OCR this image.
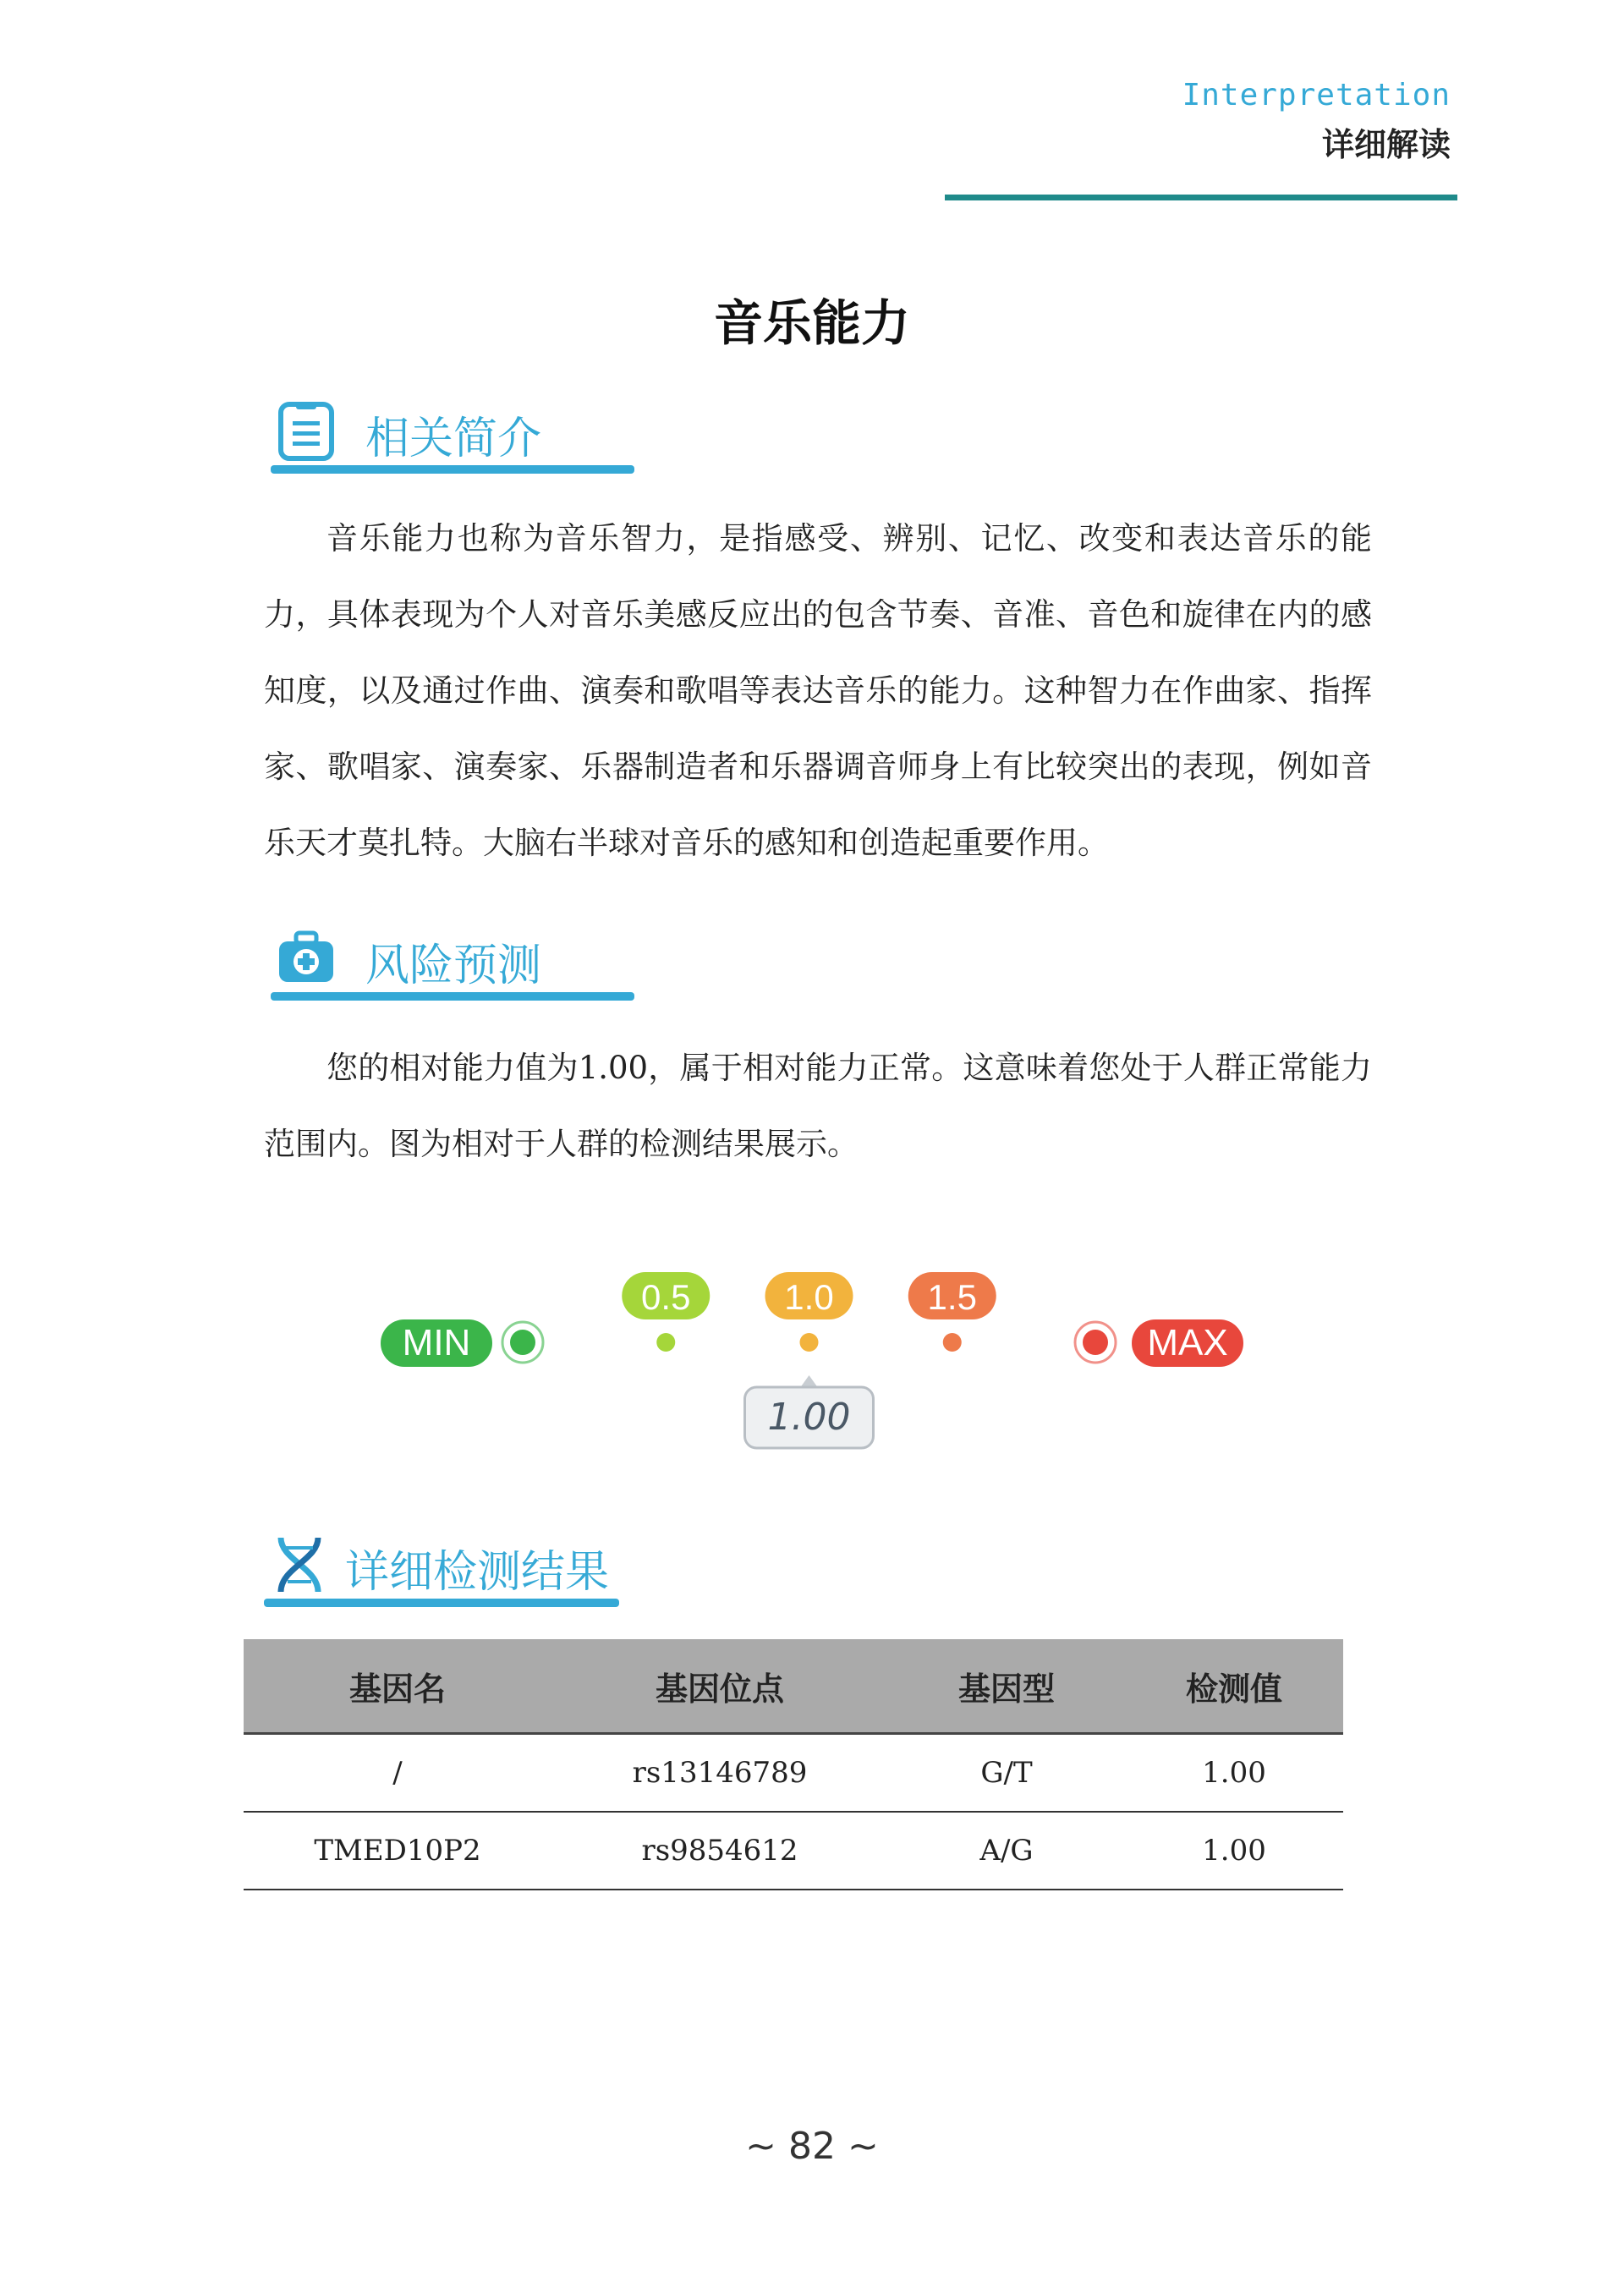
Interpretation
详细解读
音乐能力
相关简介

音乐能力也称为音乐智力，是指感受、辨别、记忆、改变和表达音乐的能力，具体表现为个人对音乐美感反应出的包含节奏、音准、音色和旋律在内的感知度，以及通过作曲、演奏和歌唱等表达音乐的能力。这种智力在作曲家、指挥家、歌唱家、演奏家、乐器制造者和乐器调音师身上有比较突出的表现，例如音乐天才莫扎特。大脑右半球对音乐的感知和创造起重要作用。

风险预测

您的相对能力值为1.00，属于相对能力正常。这意味着您处于人群正常能力范围内。图为相对于人群的检测结果展示。

MIN	MAX
0.5	1.0	1.5
1.00
详细检测结果
基因名	基因位点	基因型	检测值
/	rs13146789	G/T	1.00
TMED10P2	rs9854612	A/G	1.00
~ 82 ~
